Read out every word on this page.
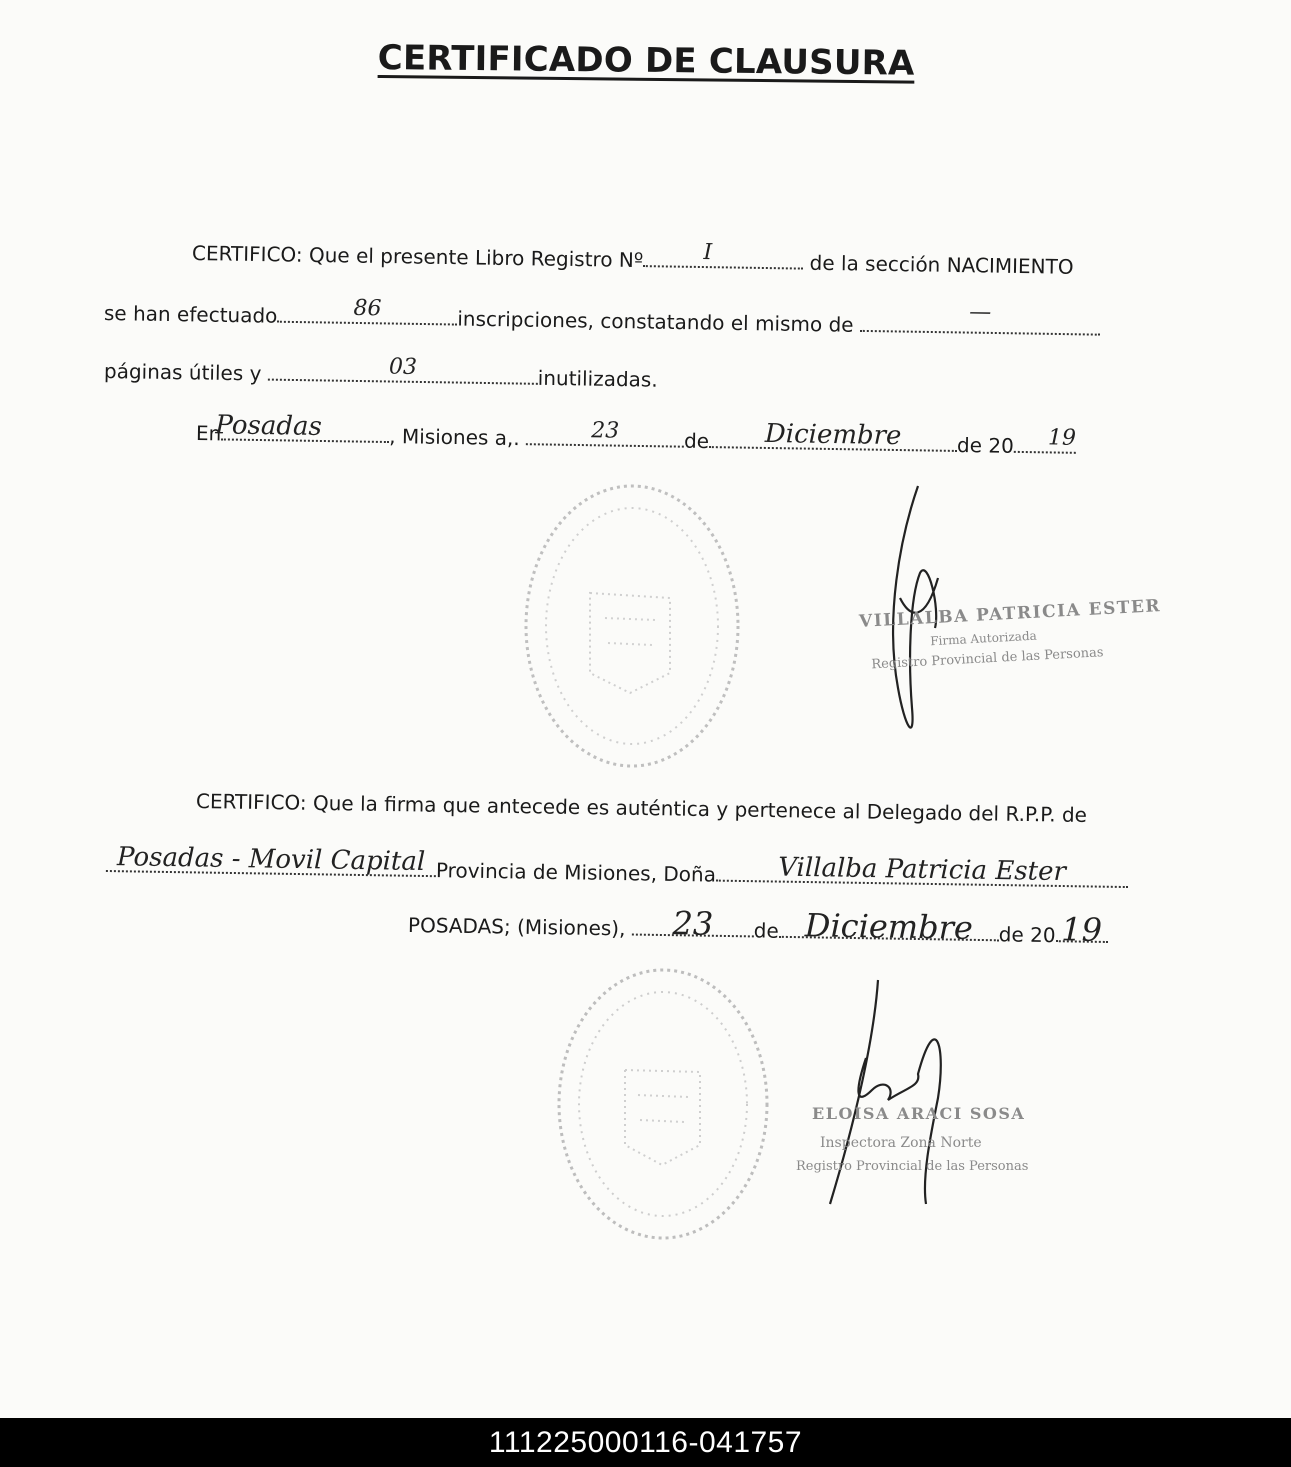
CERTIFICADO DE CLAUSURA
CERTIFICO: Que el presente Libro Registro Nº	I	de la sección NACIMIENTO
se han efectuado	86	inscripciones, constatando el mismo de	—
páginas útiles y	03	inutilizadas.
En
Posadas	, Misiones a,.	23	de	Diciembre	de 20 19
VILLALBA PATRICIA ESTER
Firma Autorizada
Registro Provincial de las Personas
CERTIFICO: Que la firma que antecede es auténtica y pertenece al Delegado del R.P.P. de
Posadas - Movil Capital Provincia de Misiones, Doña	Villalba Patricia Ester
POSADAS; (Misiones),	23	de Diciembre	de 20 19
ELOISA ARACI SOSA
Inspectora Zona Norte
Registro Provincial de las Personas
111225000116-041757
